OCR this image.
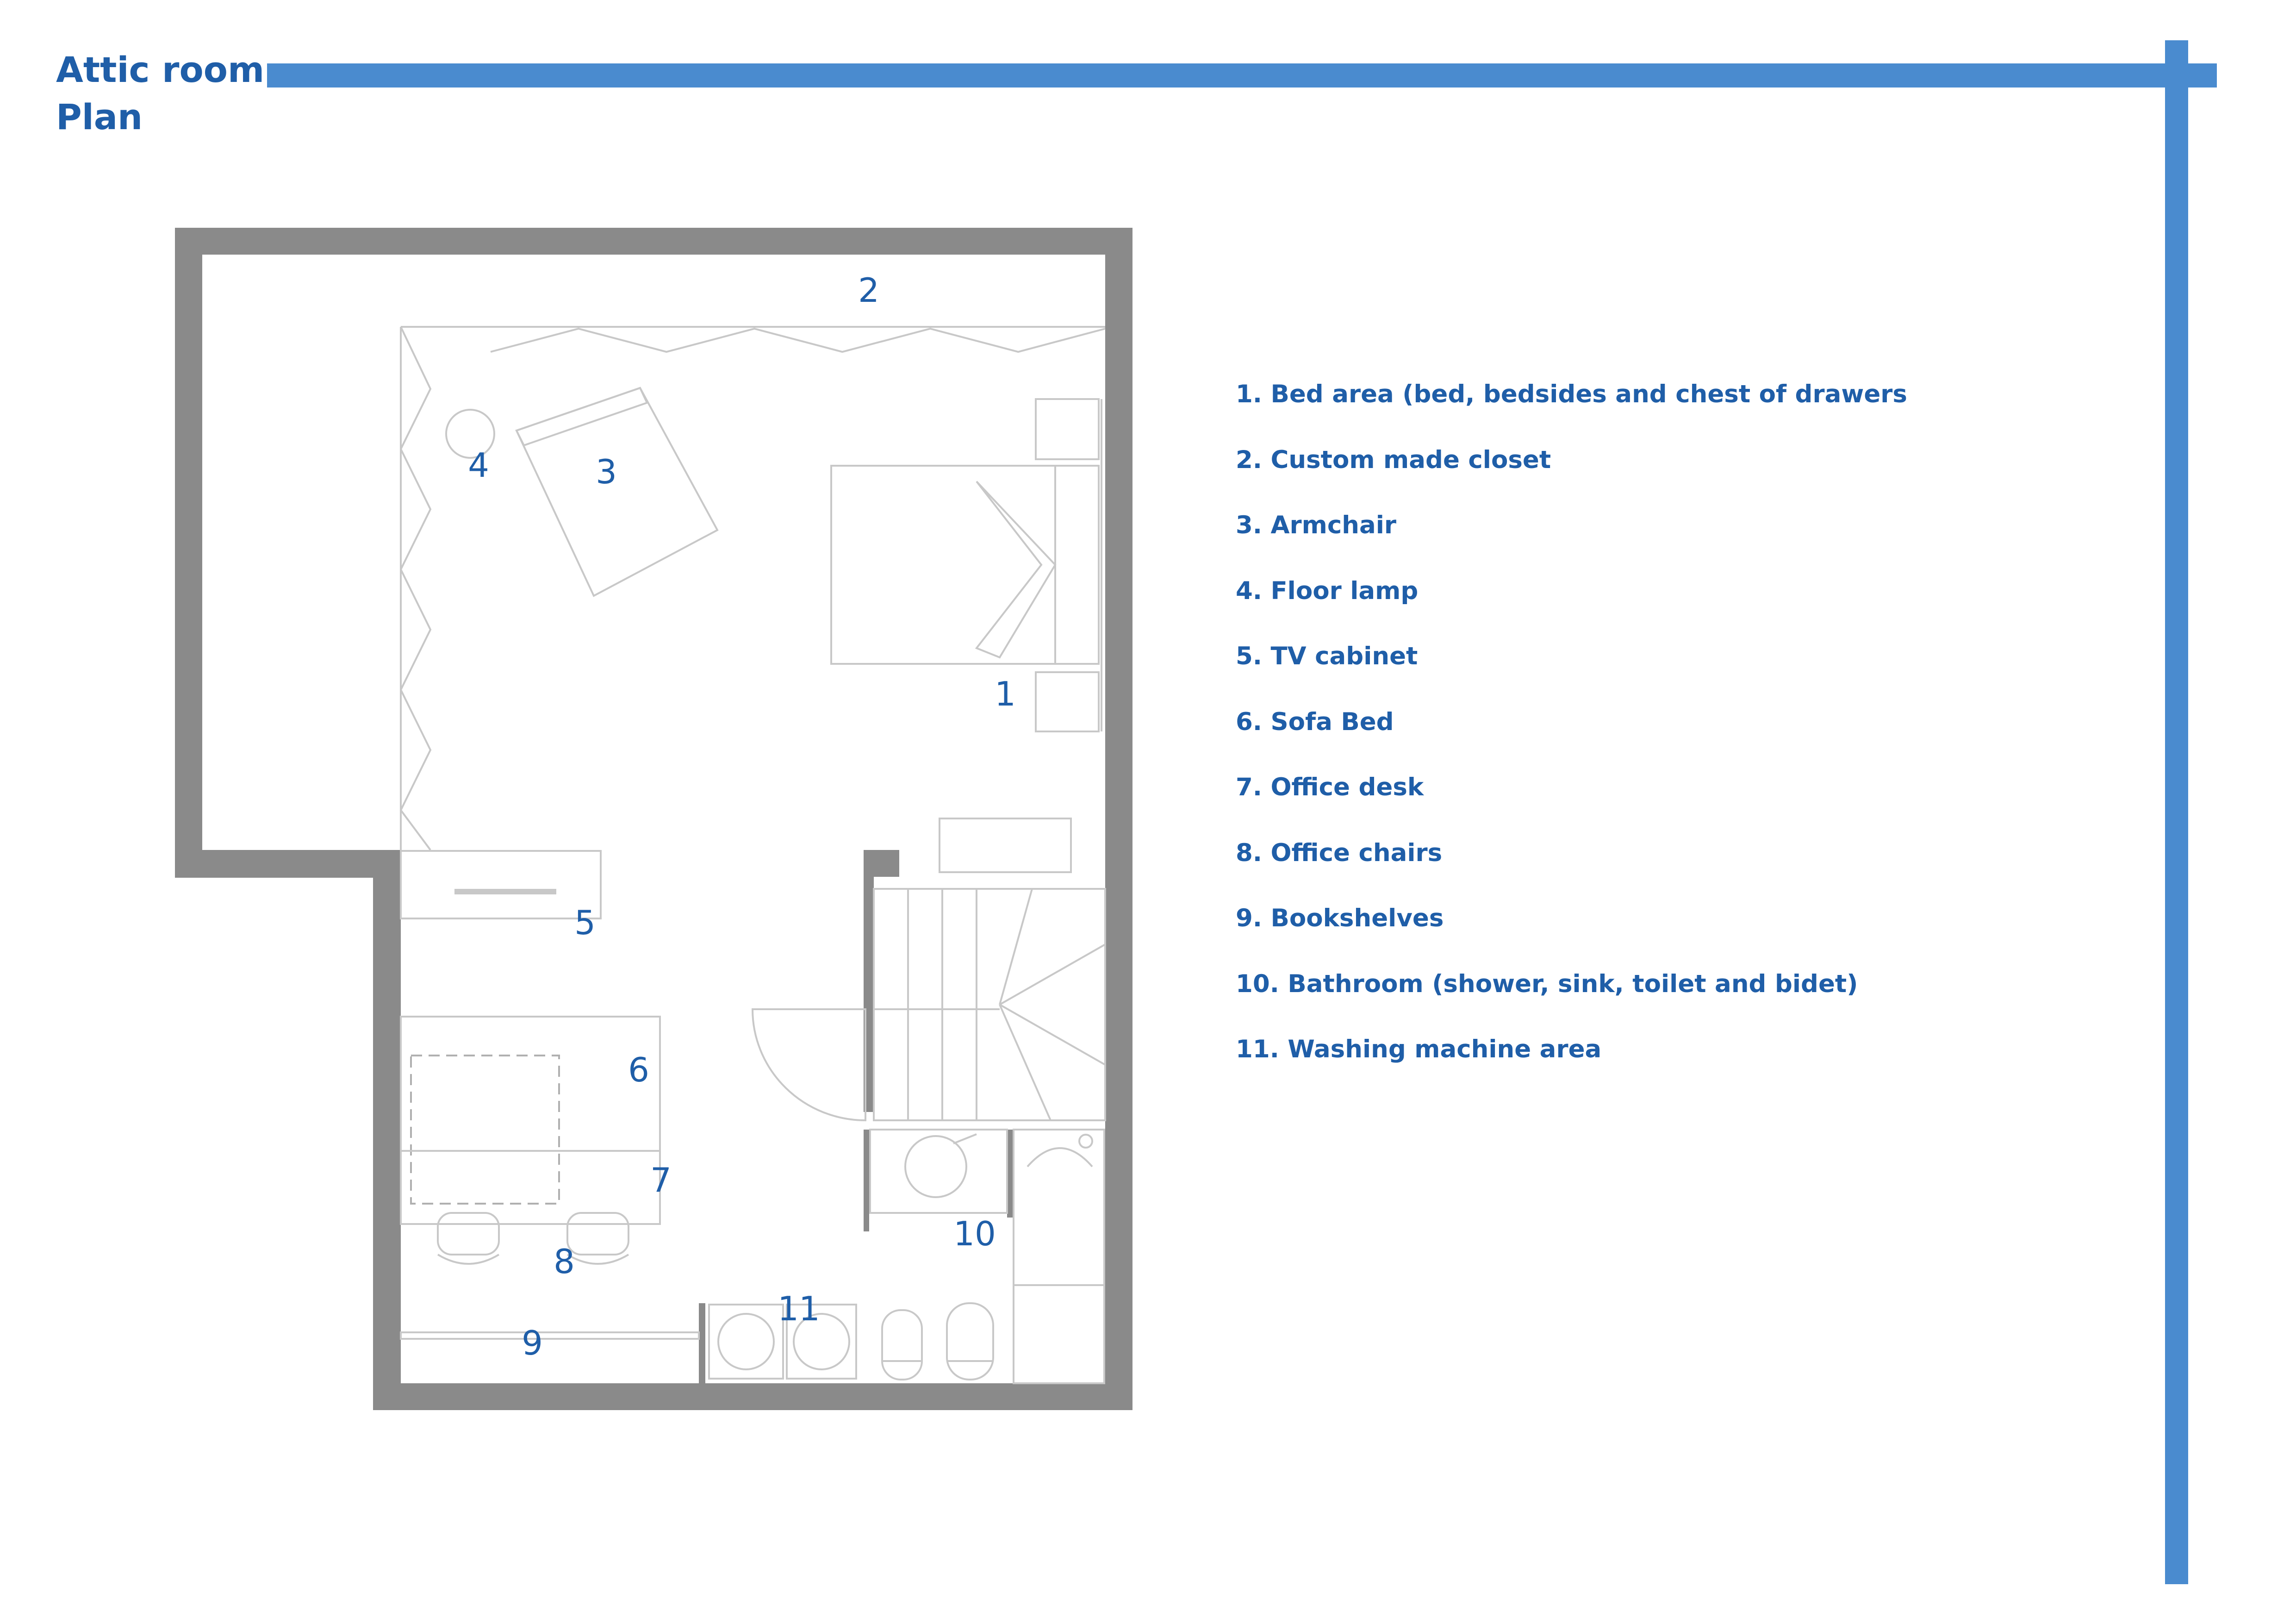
Attic room
Plan
1
2
3
4
5
6
7
8
9
10
11
1. Bed area (bed, bedsides and chest of drawers
2. Custom made closet
3. Armchair
4. Floor lamp
5. TV cabinet
6. Sofa Bed
7. Office desk
8. Office chairs
9. Bookshelves
10. Bathroom (shower, sink, toilet and bidet)
11. Washing machine area
